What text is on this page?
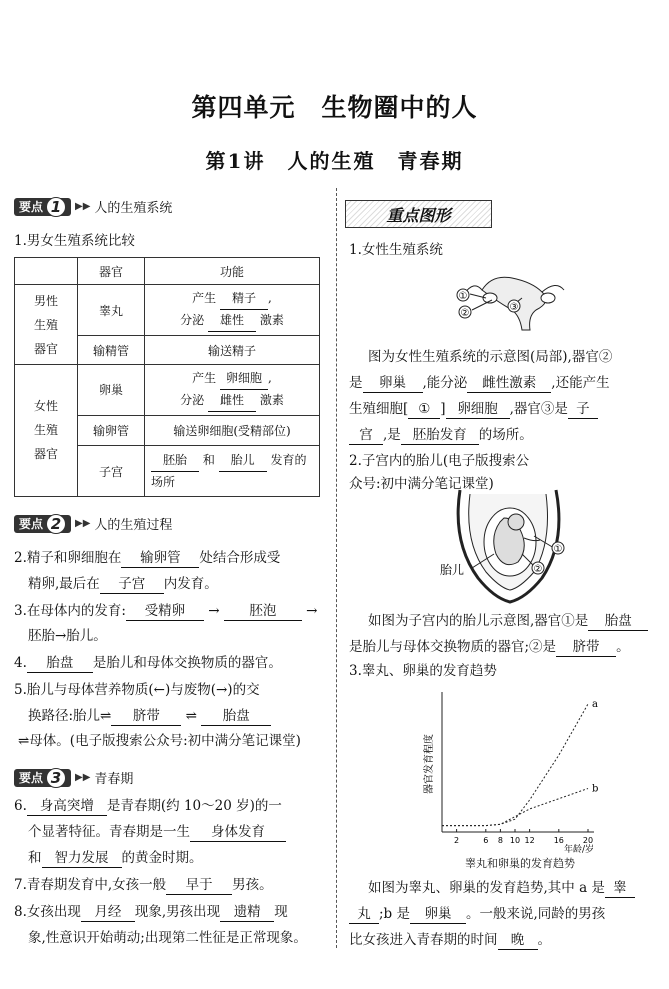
第四单元　生物圈中的人
第1讲　人的生殖　青春期
要点 1	▶▶ 人的生殖系统
1.男女生殖系统比较
	器官	功能
男性生殖器官	睾丸	产生 精子 ,
分泌 雄性 激素

	输精管	输送精子
女性生殖器官	卵巢	产生 卵细胞 ,
分泌 雌性 激素

	输卵管	输送卵细胞(受精部位)
	子宫	胚胎 和 胎儿 发育的
场所
要点 2	▶▶ 人的生殖过程
2.精子和卵细胞在 输卵管 处结合形成受
精卵,最后在 子宫 内发育。
3.在母体内的发育: 受精卵 → 胚泡 →
胚胎→胎儿。
4. 胎盘 是胎儿和母体交换物质的器官。
5.胎儿与母体营养物质(←)与废物(→)的交
换路径:胎儿⇌ 脐带 ⇌ 胎盘
⇌母体。(电子版搜索公众号:初中满分笔记课堂)
要点 3	▶▶ 青春期
6. 身高突增 是青春期(约 10～20 岁)的一
个显著特征。青春期是一生 身体发育
和 智力发展 的黄金时期。
7.青春期发育中,女孩一般 早于 男孩。
8.女孩出现 月经 现象,男孩出现 遗精 现
象,性意识开始萌动;出现第二性征是正常现象。
重点图形
1.女性生殖系统
①
②
③
图为女性生殖系统的示意图(局部),器官②
是 卵巢 ,能分泌 雌性激素 ,还能产生
生殖细胞[ ① ] 卵细胞 ,器官③是 子
宫 ,是 胚胎发育 的场所。
2.子宫内的胎儿(电子版搜索公
众号:初中满分笔记课堂)
①
②
胎儿
如图为子宫内的胎儿示意图,器官①是 胎盘
是胎儿与母体交换物质的器官;②是 脐带 。
3.睾丸、卵巢的发育趋势
器官发育程度
2	6 8 10 12 16 20
a
b
年龄/岁
睾丸和卵巢的发育趋势
如图为睾丸、卵巢的发育趋势,其中 a 是 睾
丸 ;b 是 卵巢 。一般来说,同龄的男孩
比女孩进入青春期的时间 晚 。
